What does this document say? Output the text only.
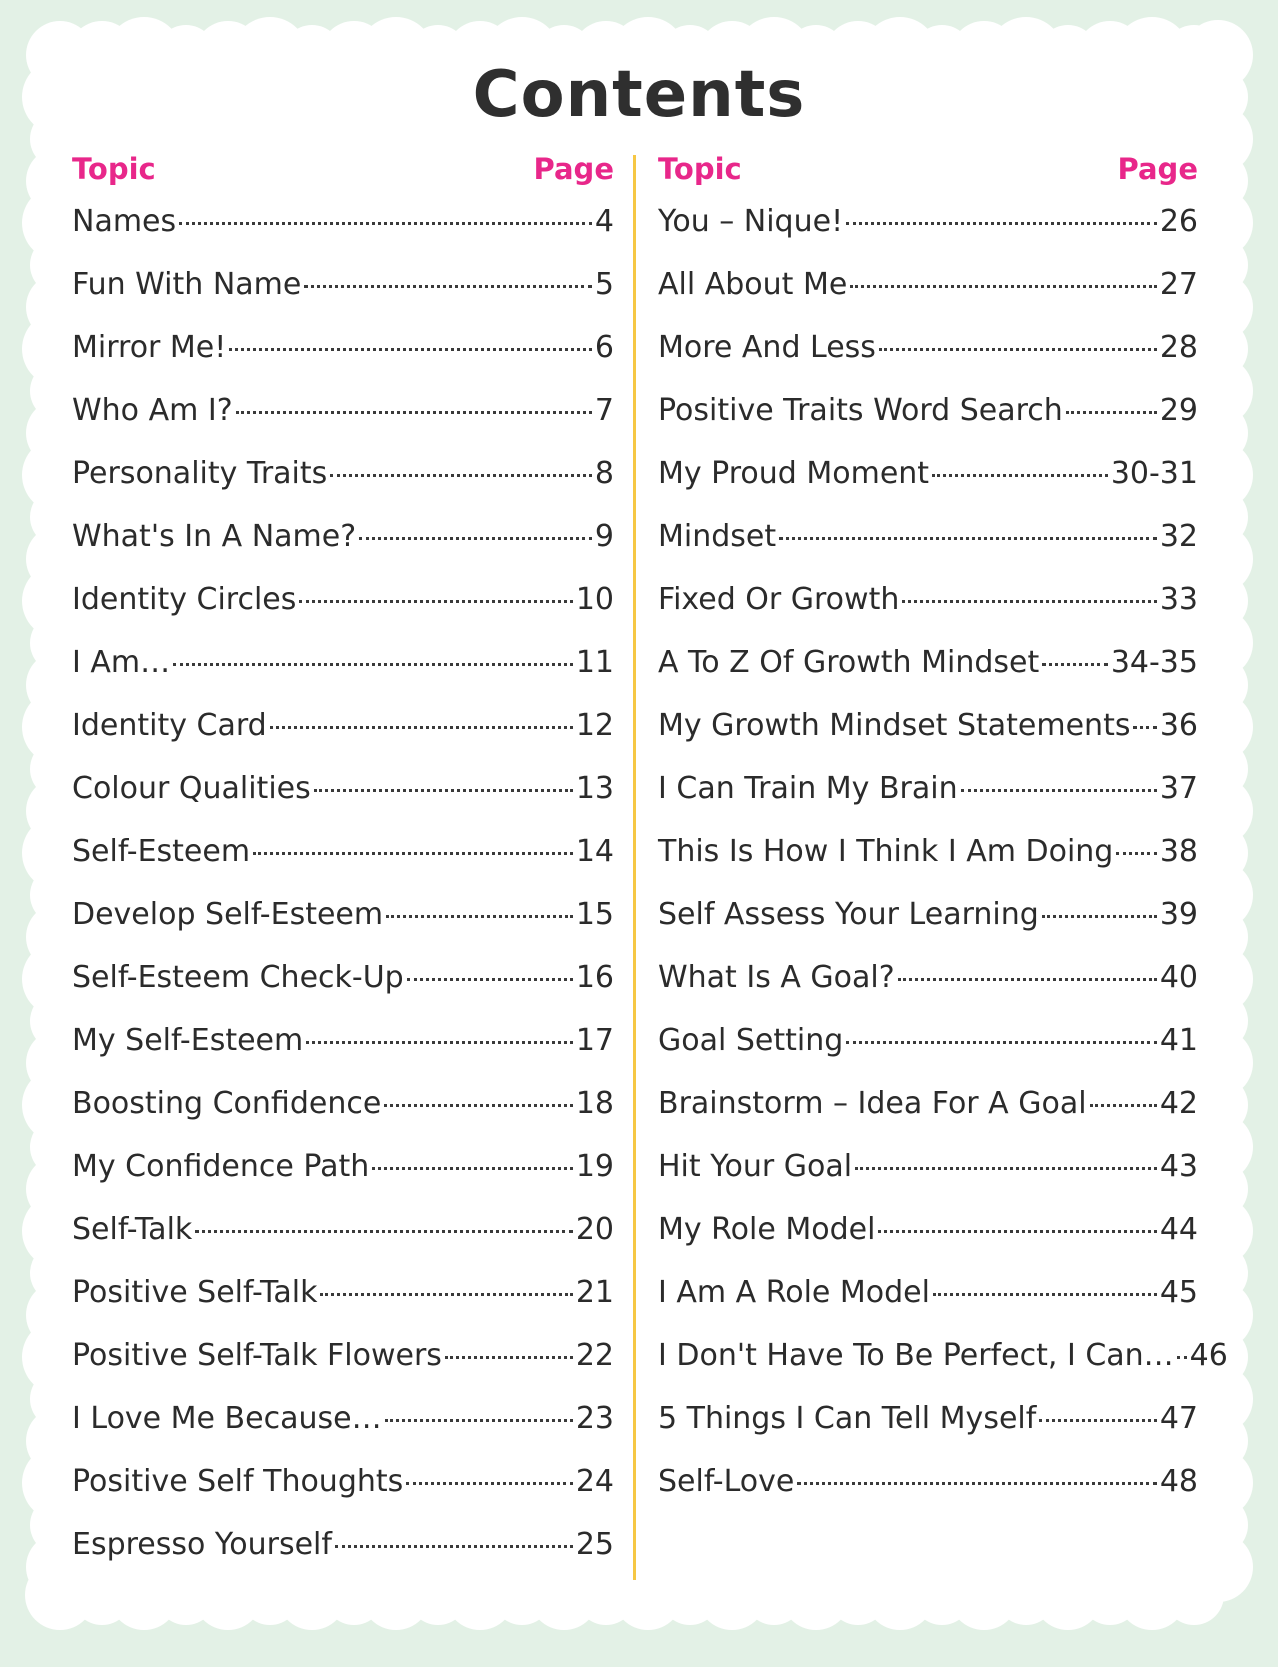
Contents
Topic	Page
Names	4
Fun With Name	5
Mirror Me!	6
Who Am I?	7
Personality Traits	8
What's In A Name?	9
Identity Circles	10
I Am…	11
Identity Card	12
Colour Qualities	13
Self-Esteem	14
Develop Self-Esteem	15
Self-Esteem Check-Up	16
My Self-Esteem	17
Boosting Confidence	18
My Confidence Path	19
Self-Talk	20
Positive Self-Talk	21
Positive Self-Talk Flowers	22
I Love Me Because…	23
Positive Self Thoughts	24
Espresso Yourself	25
Topic	Page
You – Nique!	26
All About Me	27
More And Less	28
Positive Traits Word Search	29
My Proud Moment	30-31
Mindset	32
Fixed Or Growth	33
A To Z Of Growth Mindset 34-35
My Growth Mindset Statements 36
I Can Train My Brain	37
This Is How I Think I Am Doing 38
Self Assess Your Learning	39
What Is A Goal?	40
Goal Setting	41
Brainstorm – Idea For A Goal 42
Hit Your Goal	43
My Role Model	44
I Am A Role Model	45
I Don't Have To Be Perfect, I Can… 46
5 Things I Can Tell Myself	47
Self-Love	48
